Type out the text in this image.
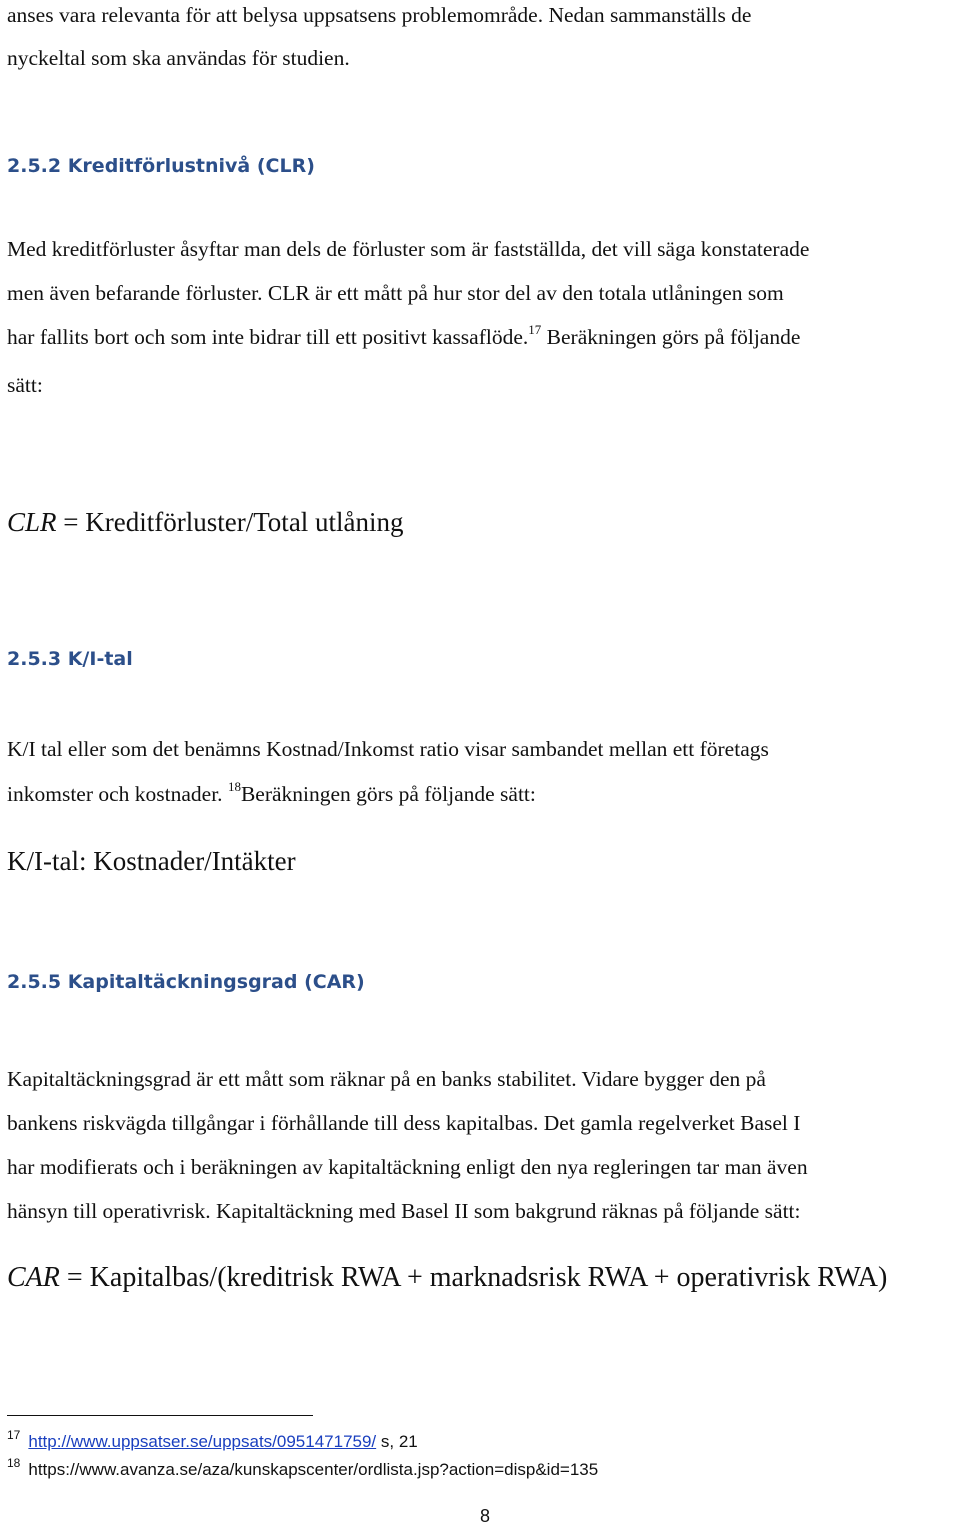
anses vara relevanta för att belysa uppsatsens problemområde. Nedan sammanställs de
nyckeltal som ska användas för studien.
2.5.2 Kreditförlustnivå (CLR)
Med kreditförluster åsyftar man dels de förluster som är fastställda, det vill säga konstaterade
men även befarande förluster. CLR är ett mått på hur stor del av den totala utlåningen som
har fallits bort och som inte bidrar till ett positivt kassaflöde.$^{17}$ Beräkningen görs på följande
sätt:
CLR = Kreditförluster/Total utlåning
2.5.3 K/I-tal
K/I tal eller som det benämns Kostnad/Inkomst ratio visar sambandet mellan ett företags
inkomster och kostnader. $^{18}$Beräkningen görs på följande sätt:
K/I-tal: Kostnader/Intäkter
2.5.5 Kapitaltäckningsgrad (CAR)
Kapitaltäckningsgrad är ett mått som räknar på en banks stabilitet. Vidare bygger den på
bankens riskvägda tillgångar i förhållande till dess kapitalbas. Det gamla regelverket Basel I
har modifierats och i beräkningen av kapitaltäckning enligt den nya regleringen tar man även
hänsyn till operativrisk. Kapitaltäckning med Basel II som bakgrund räknas på följande sätt:
CAR = Kapitalbas/(kreditrisk RWA + marknadsrisk RWA + operativrisk RWA)
$^{17}$ http://www.uppsatser.se/uppsats/0951471759/ s, 21
$^{18}$ https://www.avanza.se/aza/kunskapscenter/ordlista.jsp?action=disp&id=135
8
